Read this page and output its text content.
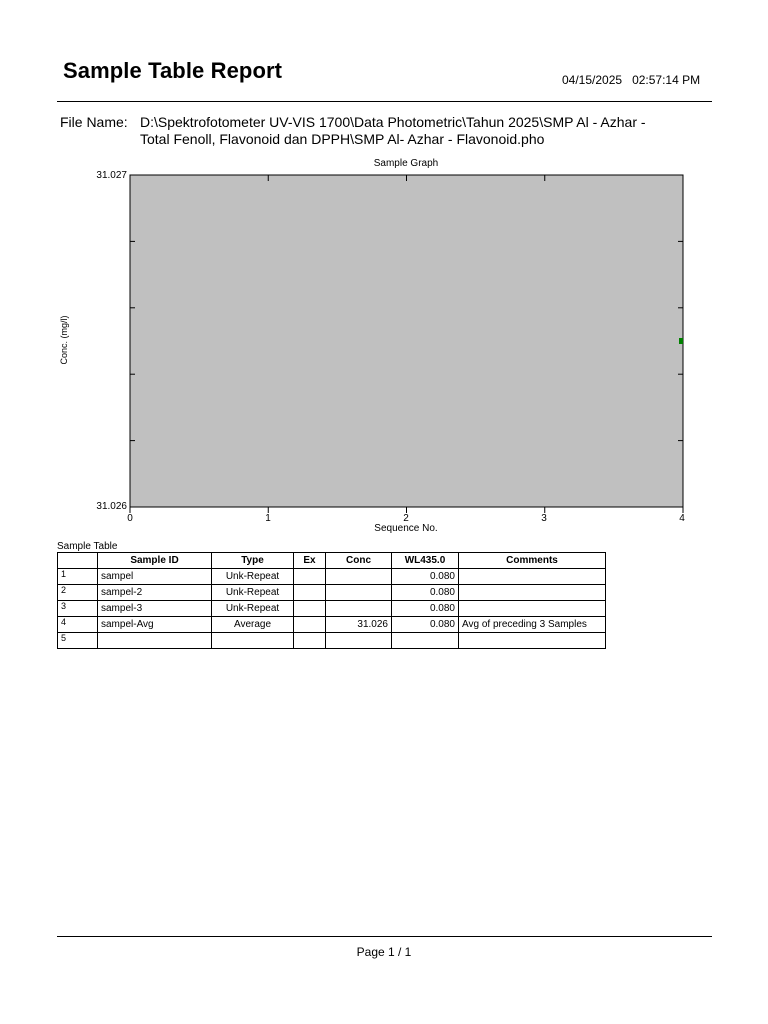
Sample Table Report	04/15/2025 02:57:14 PM
File Name: D:\Spektrofotometer UV-VIS 1700\Data Photometric\Tahun 2025\SMP Al - Azhar -
Total Fenoll, Flavonoid dan DPPH\SMP Al- Azhar - Flavonoid.pho
Sample Graph
Conc. (mg/l)
Sequence No.
31.027
31.026
0	1	2	3	4
Sample Table
	Sample ID	Type	Ex	Conc	WL435.0	Comments
1	sampel	Unk-Repeat			0.080	
2	sampel-2	Unk-Repeat			0.080	
3	sampel-3	Unk-Repeat			0.080	
4	sampel-Avg	Average		31.026	0.080	Avg of preceding 3 Samples
5						
Page 1 / 1
